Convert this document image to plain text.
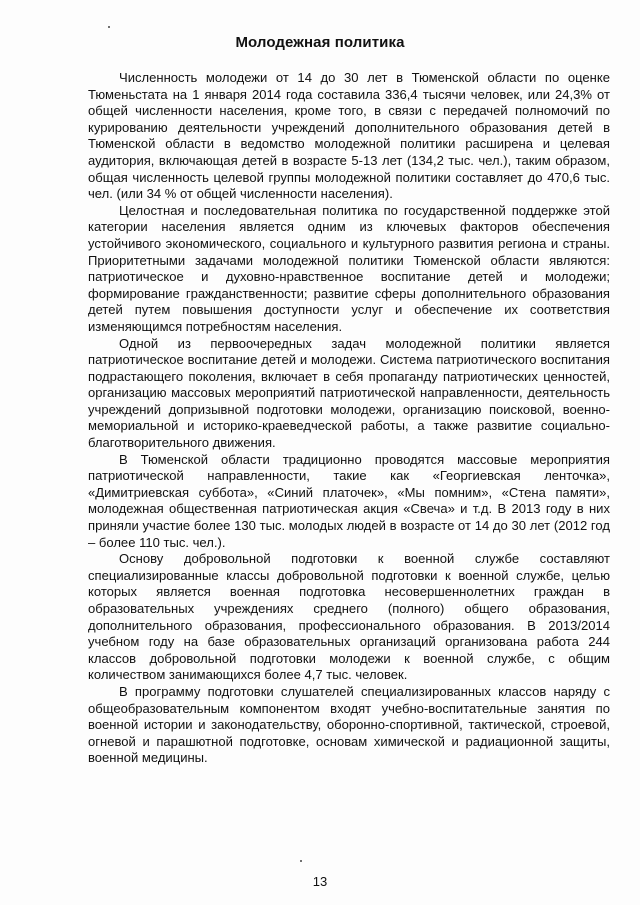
Молодежная политика

Численность молодежи от 14 до 30 лет в Тюменской области по оценке Тюменьстата на 1 января 2014 года составила 336,4 тысячи человек, или 24,3% от общей численности населения, кроме того, в связи с передачей полномочий по курированию деятельности учреждений дополнительного образования детей в Тюменской области в ведомство молодежной политики расширена и целевая аудитория, включающая детей в возрасте 5-13 лет (134,2 тыс. чел.), таким образом, общая численность целевой группы молодежной политики составляет до 470,6 тыс. чел. (или 34 % от общей численности населения).

Целостная и последовательная политика по государственной поддержке этой категории населения является одним из ключевых факторов обеспечения устойчивого экономического, социального и культурного развития региона и страны. Приоритетными задачами молодежной политики Тюменской области являются: патриотическое и духовно-нравственное воспитание детей и молодежи; формирование гражданственности; развитие сферы дополнительного образования детей путем повышения доступности услуг и обеспечение их соответствия изменяющимся потребностям населения.

Одной из первоочередных задач молодежной политики является патриотическое воспитание детей и молодежи. Система патриотического воспитания подрастающего поколения, включает в себя пропаганду патриотических ценностей, организацию массовых мероприятий патриотической направленности, деятельность учреждений допризывной подготовки молодежи, организацию поисковой, военно-мемориальной и историко-краеведческой работы, а также развитие социально-благотворительного движения.

В Тюменской области традиционно проводятся массовые мероприятия патриотической направленности, такие как «Георгиевская ленточка», «Димитриевская суббота», «Синий платочек», «Мы помним», «Стена памяти», молодежная общественная патриотическая акция «Свеча» и т.д. В 2013 году в них приняли участие более 130 тыс. молодых людей в возрасте от 14 до 30 лет (2012 год – более 110 тыс. чел.).

Основу добровольной подготовки к военной службе составляют специализированные классы добровольной подготовки к военной службе, целью которых является военная подготовка несовершеннолетних граждан в образовательных учреждениях среднего (полного) общего образования, дополнительного образования, профессионального образования. В 2013/2014 учебном году на базе образовательных организаций организована работа 244 классов добровольной подготовки молодежи к военной службе, с общим количеством занимающихся более 4,7 тыс. человек.

В программу подготовки слушателей специализированных классов наряду с общеобразовательным компонентом входят учебно-воспитательные занятия по военной истории и законодательству, оборонно-спортивной, тактической, строевой, огневой и парашютной подготовке, основам химической и радиационной защиты, военной медицины.

13
